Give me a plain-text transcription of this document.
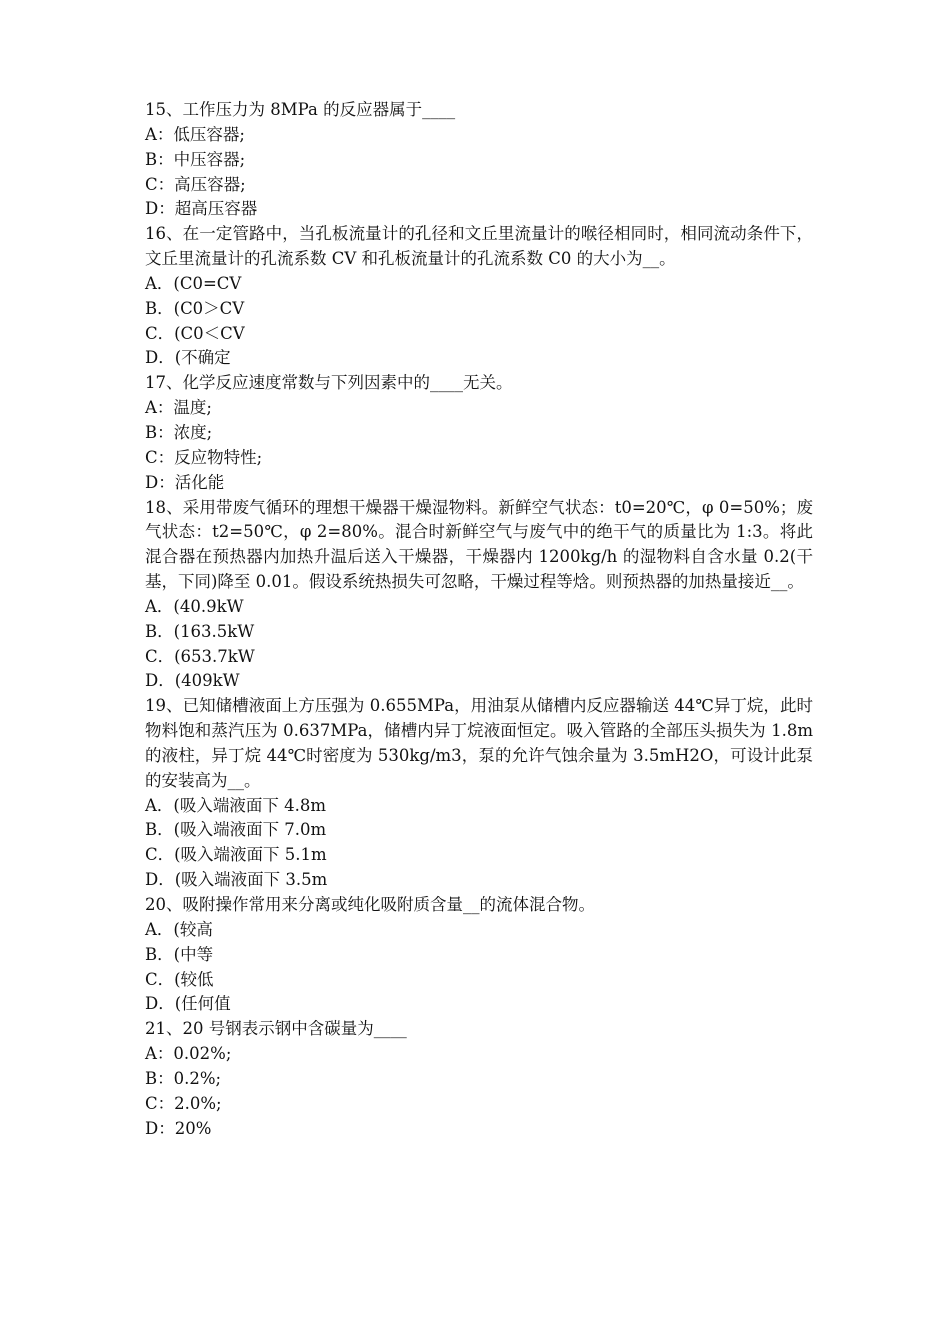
15、工作压力为 8MPa 的反应器属于____
A：低压容器;
B：中压容器;
C：高压容器;
D：超高压容器
16、在一定管路中，当孔板流量计的孔径和文丘里流量计的喉径相同时，相同流动条件下，文丘里流量计的孔流系数 CV 和孔板流量计的孔流系数 C0 的大小为__。
A．(C0=CV
B．(C0＞CV
C．(C0＜CV
D．(不确定
17、化学反应速度常数与下列因素中的____无关。
A：温度;
B：浓度;
C：反应物特性;
D：活化能
18、采用带废气循环的理想干燥器干燥湿物料。新鲜空气状态：t0=20℃，φ 0=50%；废气状态：t2=50℃，φ 2=80%。混合时新鲜空气与废气中的绝干气的质量比为 1:3。将此混合器在预热器内加热升温后送入干燥器，干燥器内 1200kg/h 的湿物料自含水量 0.2(干基，下同)降至 0.01。假设系统热损失可忽略，干燥过程等焓。则预热器的加热量接近__。
A．(40.9kW
B．(163.5kW
C．(653.7kW
D．(409kW
19、已知储槽液面上方压强为 0.655MPa，用油泵从储槽内反应器输送 44℃异丁烷，此时物料饱和蒸汽压为 0.637MPa，储槽内异丁烷液面恒定。吸入管路的全部压头损失为 1.8m 的液柱，异丁烷 44℃时密度为 530kg/m3，泵的允许气蚀余量为 3.5mH2O，可设计此泵的安装高为__。
A．(吸入端液面下 4.8m
B．(吸入端液面下 7.0m
C．(吸入端液面下 5.1m
D．(吸入端液面下 3.5m
20、吸附操作常用来分离或纯化吸附质含量__的流体混合物。
A．(较高
B．(中等
C．(较低
D．(任何值
21、20 号钢表示钢中含碳量为____
A：0.02%;
B：0.2%;
C：2.0%;
D：20%
